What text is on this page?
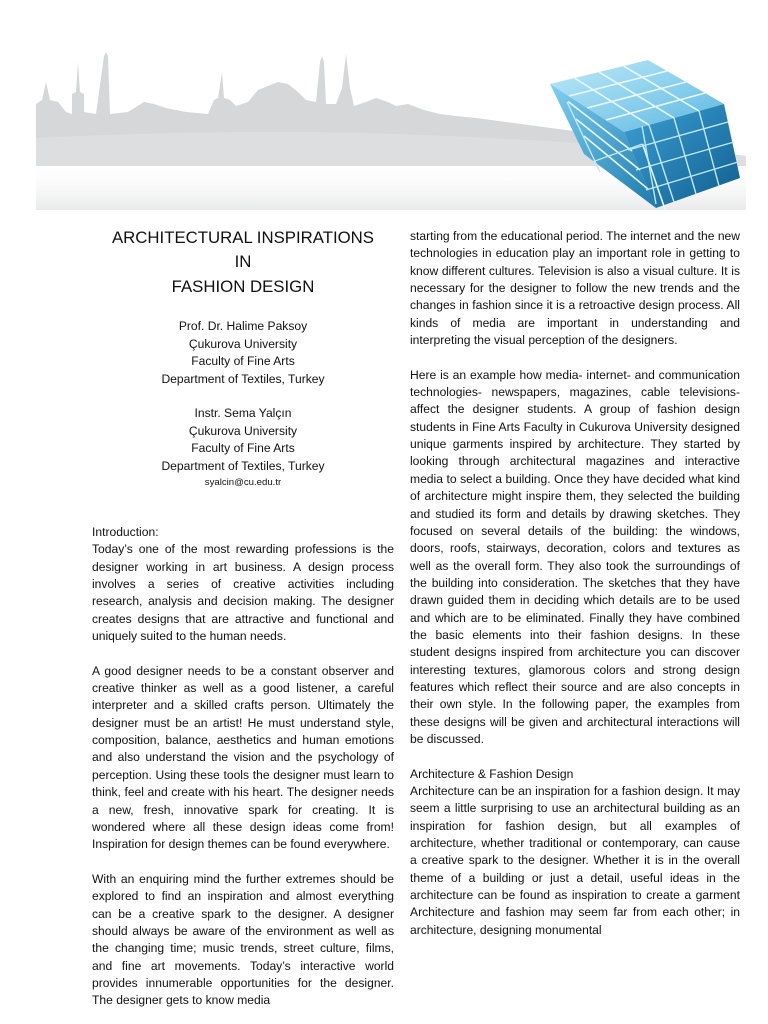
ARCHITECTURAL INSPIRATIONS

IN

FASHION DESIGN

Prof. Dr. Halime Paksoy

Çukurova University

Faculty of Fine Arts

Department of Textiles, Turkey

Instr. Sema Yalçın

Çukurova University

Faculty of Fine Arts

Department of Textiles, Turkey

syalcin@cu.edu.tr

Introduction:

Today’s one of the most rewarding professions is the designer working in art business. A design process involves a series of creative activities including research, analysis and decision making. The designer creates designs that are attractive and functional and uniquely suited to the human needs.

A good designer needs to be a constant observer and creative thinker as well as a good listener, a careful interpreter and a skilled crafts person. Ultimately the designer must be an artist! He must understand style, composition, balance, aesthetics and human emotions and also understand the vision and the psychology of perception. Using these tools the designer must learn to think, feel and create with his heart. The designer needs a new, fresh, innovative spark for creating. It is wondered where all these design ideas come from! Inspiration for design themes can be found everywhere.

With an enquiring mind the further extremes should be explored to find an inspiration and almost everything can be a creative spark to the designer. A designer should always be aware of the environment as well as the changing time; music trends, street culture, films, and fine art movements. Today’s interactive world provides innumerable opportunities for the designer. The designer gets to know media

starting from the educational period. The internet and the new technologies in education play an important role in getting to know different cultures. Television is also a visual culture. It is necessary for the designer to follow the new trends and the changes in fashion since it is a retroactive design process. All kinds of media are important in understanding and interpreting the visual perception of the designers.

Here is an example how media- internet- and communication technologies- newspapers, magazines, cable televisions- affect the designer students. A group of fashion design students in Fine Arts Faculty in Cukurova University designed unique garments inspired by architecture. They started by looking through architectural magazines and interactive media to select a building. Once they have decided what kind of architecture might inspire them, they selected the building and studied its form and details by drawing sketches. They focused on several details of the building: the windows, doors, roofs, stairways, decoration, colors and textures as well as the overall form. They also took the surroundings of the building into consideration. The sketches that they have drawn guided them in deciding which details are to be used and which are to be eliminated. Finally they have combined the basic elements into their fashion designs. In these student designs inspired from architecture you can discover interesting textures, glamorous colors and strong design features which reflect their source and are also concepts in their own style. In the following paper, the examples from these designs will be given and architectural interactions will be discussed.

Architecture & Fashion Design

Architecture can be an inspiration for a fashion design. It may seem a little surprising to use an architectural building as an inspiration for fashion design, but all examples of architecture, whether traditional or contemporary, can cause a creative spark to the designer. Whether it is in the overall theme of a building or just a detail, useful ideas in the architecture can be found as inspiration to create a garment Architecture and fashion may seem far from each other; in architecture, designing monumental
